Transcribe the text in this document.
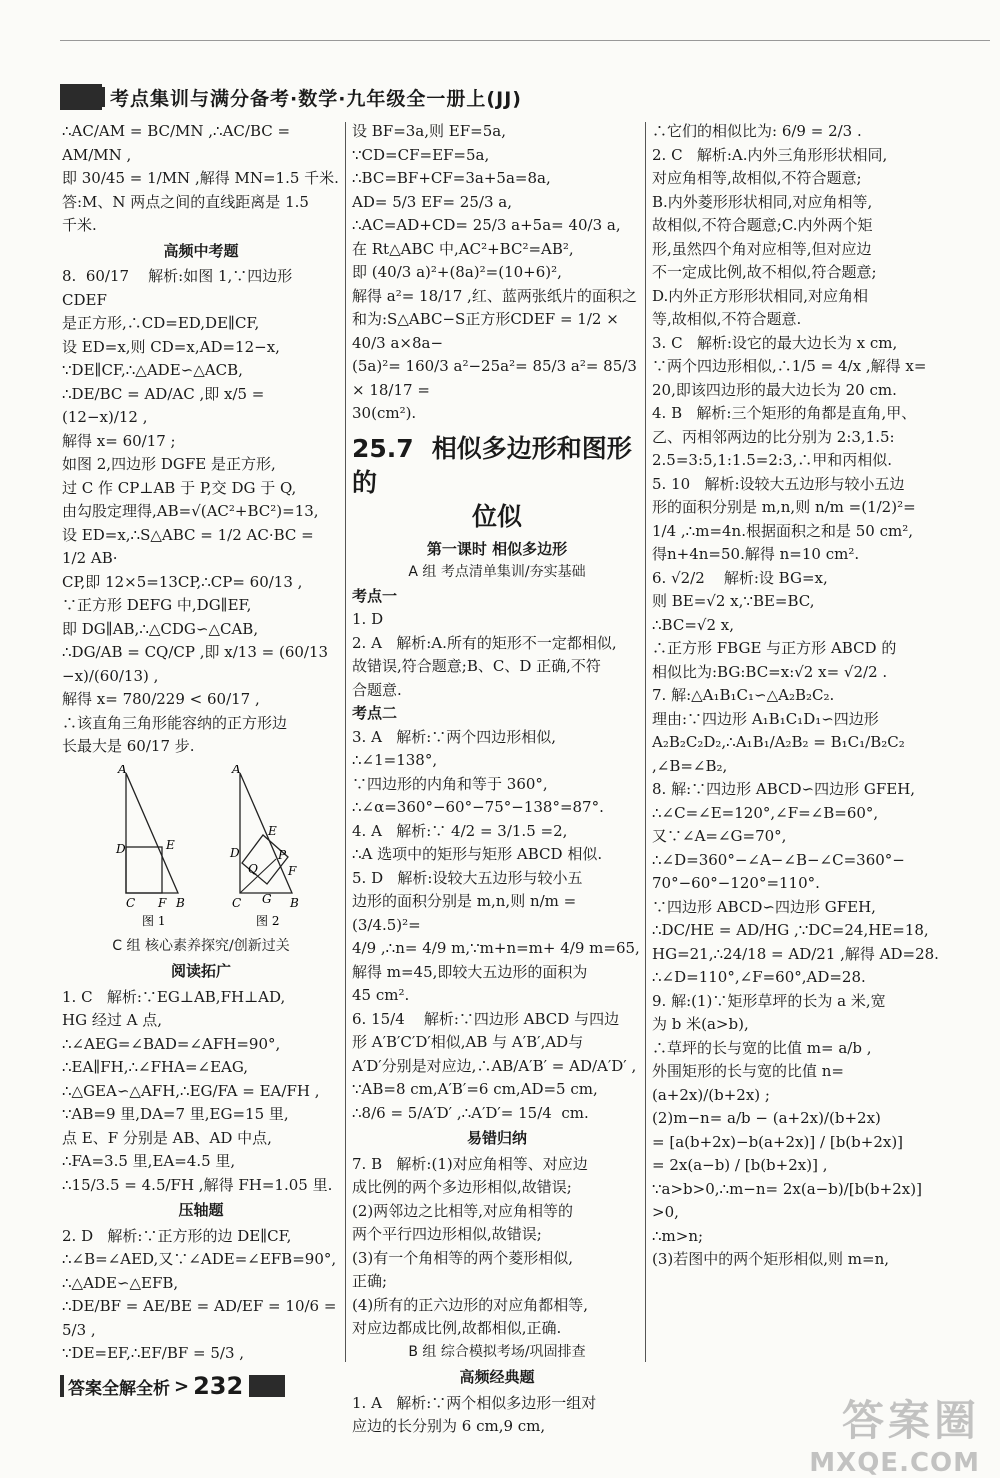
考点集训与满分备考·数学·九年级全一册上(JJ)
∴AC/AM = BC/MN ,∴AC/BC = AM/MN ,
即 30/45 = 1/MN ,解得 MN=1.5 千米.
答:M、N 两点之间的直线距离是 1.5
千米.
高频中考题
8.  60/17    解析:如图 1,∵四边形 CDEF
是正方形,∴CD=ED,DE∥CF,
设 ED=x,则 CD=x,AD=12−x,
∵DE∥CF,∴△ADE∽△ACB,
∴DE/BC = AD/AC ,即 x/5 = (12−x)/12 ,
解得 x= 60/17 ;
如图 2,四边形 DGFE 是正方形,
过 C 作 CP⊥AB 于 P,交 DG 于 Q,
由勾股定理得,AB=√(AC²+BC²)=13,
设 ED=x,∴S△ABC = 1/2 AC·BC = 1/2 AB·
CP,即 12×5=13CP,∴CP= 60/13 ,
∵正方形 DEFG 中,DG∥EF,
即 DG∥AB,∴△CDG∽△CAB,
∴DG/AB = CQ/CP ,即 x/13 = (60/13 −x)/(60/13) ,
解得 x= 780/229 < 60/17 ,
∴该直角三角形能容纳的正方形边
长最大是 60/17 步.
A
D	E
C F B
图 1
A
D
E
Q
P
F
C G B
图 2
C 组 核心素养探究/创新过关
阅读拓广
1. C   解析:∵EG⊥AB,FH⊥AD,
HG 经过 A 点,
∴∠AEG=∠BAD=∠AFH=90°,
∴EA∥FH,∴∠FHA=∠EAG,
∴△GEA∽△AFH,∴EG/FA = EA/FH ,
∵AB=9 里,DA=7 里,EG=15 里,
点 E、F 分别是 AB、AD 中点,
∴FA=3.5 里,EA=4.5 里,
∴15/3.5 = 4.5/FH ,解得 FH=1.05 里.
压轴题
2. D   解析:∵正方形的边 DE∥CF,
∴∠B=∠AED,又∵∠ADE=∠EFB=90°,
∴△ADE∽△EFB,
∴DE/BF = AE/BE = AD/EF = 10/6 = 5/3 ,
∵DE=EF,∴EF/BF = 5/3 ,
设 BF=3a,则 EF=5a,
∵CD=CF=EF=5a,
∴BC=BF+CF=3a+5a=8a,
AD= 5/3 EF= 25/3 a,
∴AC=AD+CD= 25/3 a+5a= 40/3 a,
在 Rt△ABC 中,AC²+BC²=AB²,
即 (40/3 a)²+(8a)²=(10+6)²,
解得 a²= 18/17 ,红、蓝两张纸片的面积之
和为:S△ABC−S正方形CDEF = 1/2 × 40/3 a×8a−
(5a)²= 160/3 a²−25a²= 85/3 a²= 85/3 × 18/17 =
30(cm²).
25.7 相似多边形和图形的
位似
第一课时 相似多边形
A 组 考点清单集训/夯实基础
考点一
1. D
2. A   解析:A.所有的矩形不一定都相似,
故错误,符合题意;B、C、D 正确,不符
合题意.
考点二
3. A   解析:∵两个四边形相似,
∴∠1=138°,
∵四边形的内角和等于 360°,
∴∠α=360°−60°−75°−138°=87°.
4. A   解析:∵ 4/2 = 3/1.5 =2,
∴A 选项中的矩形与矩形 ABCD 相似.
5. D   解析:设较大五边形与较小五
边形的面积分别是 m,n,则 n/m =(3/4.5)²=
4/9 ,∴n= 4/9 m,∵m+n=m+ 4/9 m=65,
解得 m=45,即较大五边形的面积为
45 cm².
6. 15/4    解析:∵四边形 ABCD 与四边
形 A′B′C′D′相似,AB 与 A′B′,AD与
A′D′分别是对应边,∴AB/A′B′ = AD/A′D′ ,
∵AB=8 cm,A′B′=6 cm,AD=5 cm,
∴8/6 = 5/A′D′ ,∴A′D′= 15/4  cm.
易错归纳
7. B   解析:(1)对应角相等、对应边
成比例的两个多边形相似,故错误;
(2)两邻边之比相等,对应角相等的
两个平行四边形相似,故错误;
(3)有一个角相等的两个菱形相似,
正确;
(4)所有的正六边形的对应角都相等,
对应边都成比例,故都相似,正确.
B 组 综合模拟考场/巩固排查
高频经典题
1. A   解析:∵两个相似多边形一组对
应边的长分别为 6 cm,9 cm,
∴它们的相似比为: 6/9 = 2/3 .
2. C   解析:A.内外三角形形状相同,
对应角相等,故相似,不符合题意;
B.内外菱形形状相同,对应角相等,
故相似,不符合题意;C.内外两个矩
形,虽然四个角对应相等,但对应边
不一定成比例,故不相似,符合题意;
D.内外正方形形状相同,对应角相
等,故相似,不符合题意.
3. C   解析:设它的最大边长为 x cm,
∵两个四边形相似,∴1/5 = 4/x ,解得 x=
20,即该四边形的最大边长为 20 cm.
4. B   解析:三个矩形的角都是直角,甲、
乙、丙相邻两边的比分别为 2:3,1.5:
2.5=3:5,1:1.5=2:3,∴甲和丙相似.
5. 10   解析:设较大五边形与较小五边
形的面积分别是 m,n,则 n/m =(1/2)²=
1/4 ,∴m=4n.根据面积之和是 50 cm²,
得n+4n=50.解得 n=10 cm².
6. √2/2    解析:设 BG=x,
则 BE=√2 x,∵BE=BC,
∴BC=√2 x,
∴正方形 FBGE 与正方形 ABCD 的
相似比为:BG:BC=x:√2 x= √2/2 .
7. 解:△A₁B₁C₁∽△A₂B₂C₂.
理由:∵四边形 A₁B₁C₁D₁∽四边形
A₂B₂C₂D₂,∴A₁B₁/A₂B₂ = B₁C₁/B₂C₂ ,∠B=∠B₂,
8. 解:∵四边形 ABCD∽四边形 GFEH,
∴∠C=∠E=120°,∠F=∠B=60°,
又∵∠A=∠G=70°,
∴∠D=360°−∠A−∠B−∠C=360°−
70°−60°−120°=110°.
∵四边形 ABCD∽四边形 GFEH,
∴DC/HE = AD/HG ,∵DC=24,HE=18,
HG=21,∴24/18 = AD/21 ,解得 AD=28.
∴∠D=110°,∠F=60°,AD=28.
9. 解:(1)∵矩形草坪的长为 a 米,宽
为 b 米(a>b),
∴草坪的长与宽的比值 m= a/b ,
外围矩形的长与宽的比值 n= (a+2x)/(b+2x) ;
(2)m−n= a/b − (a+2x)/(b+2x)
= [a(b+2x)−b(a+2x)] / [b(b+2x)]
= 2x(a−b) / [b(b+2x)] ,
∵a>b>0,∴m−n= 2x(a−b)/[b(b+2x)] >0,
∴m>n;
(3)若图中的两个矩形相似,则 m=n,
答案全解全析 > 232
答案圈
MXQE.COM
